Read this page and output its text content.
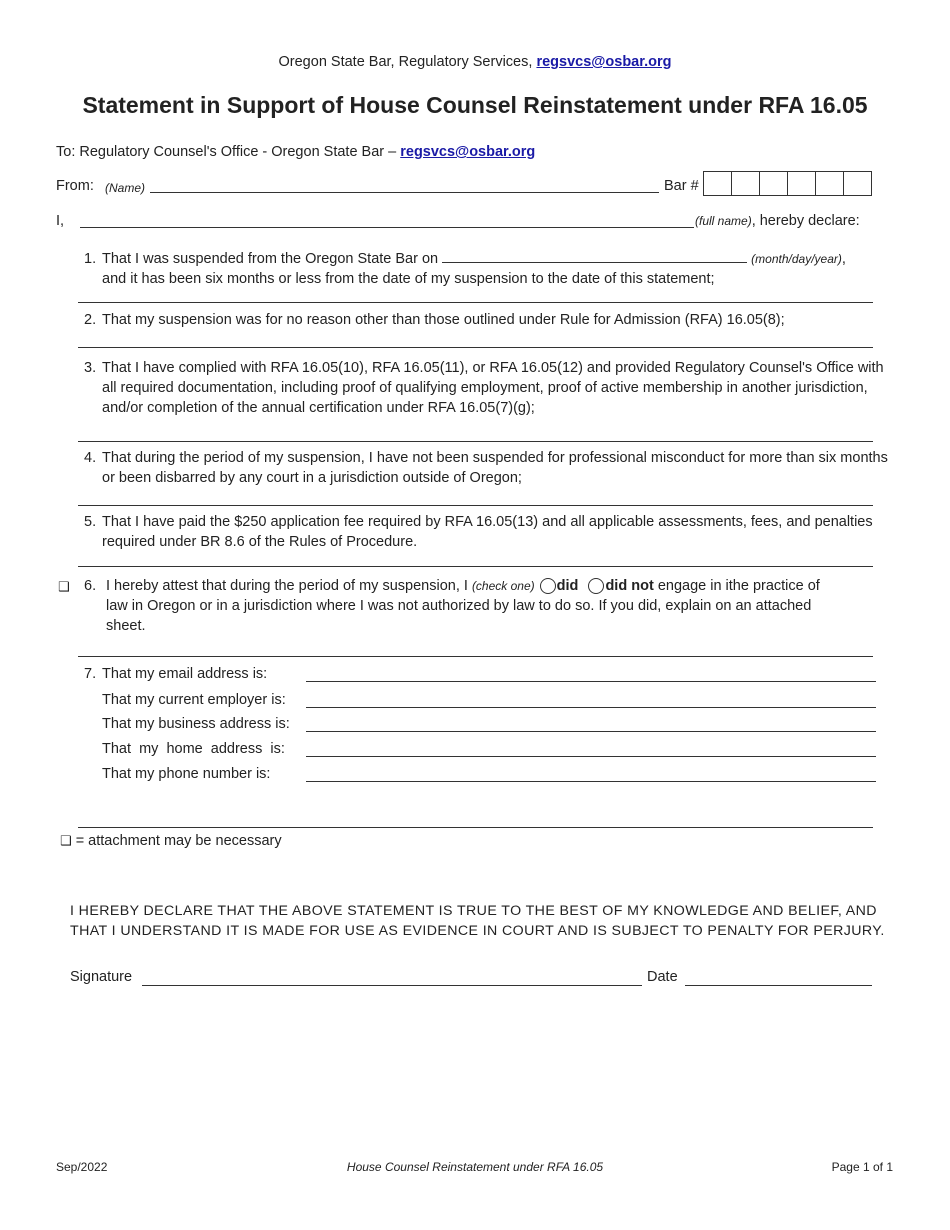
Oregon State Bar, Regulatory Services, regsvcs@osbar.org
Statement in Support of House Counsel Reinstatement under RFA 16.05
To: Regulatory Counsel's Office - Oregon State Bar – regsvcs@osbar.org
From: (Name)	Bar #
I,	(full name), hereby declare:
1. That I was suspended from the Oregon State Bar on	(month/day/year),
and it has been six months or less from the date of my suspension to the date of this statement;
2. That my suspension was for no reason other than those outlined under Rule for Admission (RFA) 16.05(8);
3. That I have complied with RFA 16.05(10), RFA 16.05(11), or RFA 16.05(12) and provided Regulatory Counsel's Office with all required documentation, including proof of qualifying employment, proof of active membership in another jurisdiction, and/or completion of the annual certification under RFA 16.05(7)(g);
4. That during the period of my suspension, I have not been suspended for professional misconduct for more than six months or been disbarred by any court in a jurisdiction outside of Oregon;
5. That I have paid the $250 application fee required by RFA 16.05(13) and all applicable assessments, fees, and penalties required under BR 8.6 of the Rules of Procedure.
❑ 6. I hereby attest that during the period of my suspension, I (check one) did did not engage in ithe practice of
law in Oregon or in a jurisdiction where I was not authorized by law to do so. If you did, explain on an attached sheet.
7. That my email address is:
That my current employer is:
That my business address is:
That  my  home  address  is:
That my phone number is:
❑ = attachment may be necessary
I HEREBY DECLARE THAT THE ABOVE STATEMENT IS TRUE TO THE BEST OF MY KNOWLEDGE AND BELIEF, AND THAT I UNDERSTAND IT IS MADE FOR USE AS EVIDENCE IN COURT AND IS SUBJECT TO PENALTY FOR PERJURY.
Signature	Date
Sep/2022	House Counsel Reinstatement under RFA 16.05	Page 1 of 1
